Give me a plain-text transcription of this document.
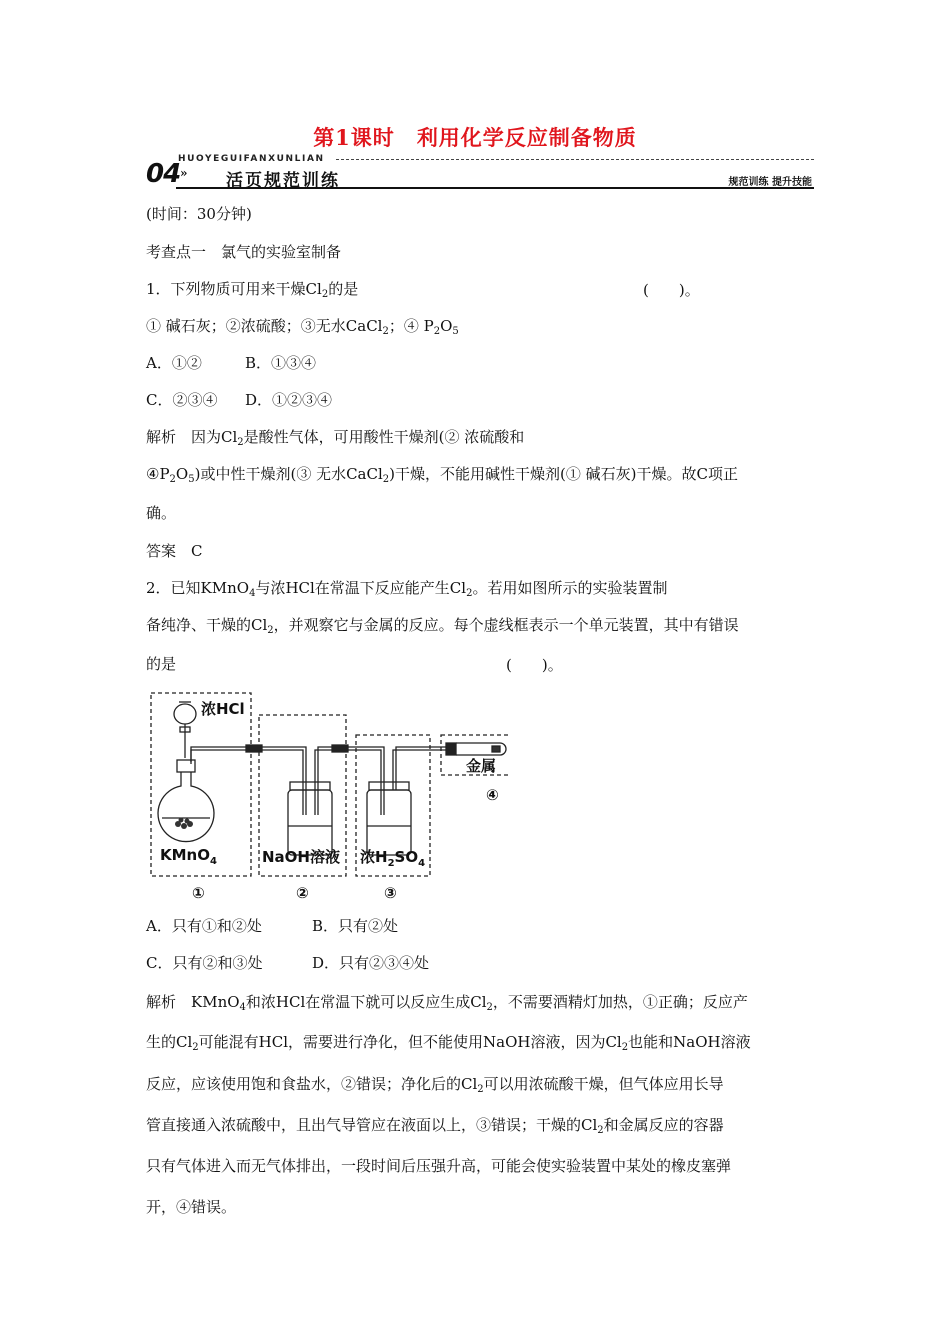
第1课时 利用化学反应制备物质
HUOYEGUIFANXUNLIAN
04 » 活页规范训练	规范训练 提升技能
(时间：30分钟)
考查点一　氯气的实验室制备
1．下列物质可用来干燥$Cl_2$的是	(　　)。
① 碱石灰；②浓硫酸；③无水CaCl$_2$；④ $P_2O_5$
A．①②	B．①③④
C．②③④ D．①②③④
解析　因为$Cl_2$是酸性气体，可用酸性干燥剂(② 浓硫酸和
$④P_2O_5$)或中性干燥剂(③ 无水CaCl$_2$)干燥，不能用碱性干燥剂(① 碱石灰)干燥。故C项正
确。
答案　C
2．已知KMnO$_4$与浓HCl在常温下反应能产生$Cl_2$。若用如图所示的实验装置制
备纯净、干燥的$Cl_2$，并观察它与金属的反应。每个虚线框表示一个单元装置，其中有错误
的是	(　　)。
浓HCl
KMnO$_4$	NaOH溶液 浓$H_2SO_4$
金属
①	②	③
④
A．只有①和②处	B．只有②处
C．只有②和③处	D．只有②③④处
解析　KMnO$_4$和浓HCl在常温下就可以反应生成$Cl_2$，不需要酒精灯加热，①正确；反应产
生的$Cl_2$可能混有HCl，需要进行净化，但不能使用NaOH溶液，因为$Cl_2$也能和NaOH溶液
反应，应该使用饱和食盐水，②错误；净化后的$Cl_2$可以用浓硫酸干燥，但气体应用长导
管直接通入浓硫酸中，且出气导管应在液面以上，③错误；干燥的$Cl_2$和金属反应的容器
只有气体进入而无气体排出，一段时间后压强升高，可能会使实验装置中某处的橡皮塞弹
开，④错误。
